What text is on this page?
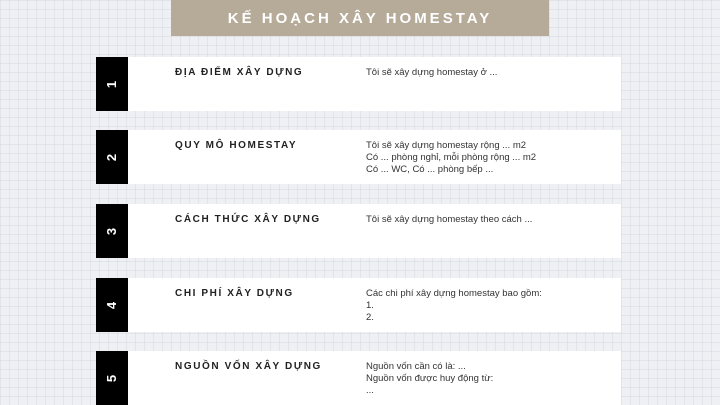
KẾ HOẠCH XÂY HOMESTAY
1
ĐỊA ĐIỂM XÂY DỰNG	Tôi sẽ xây dựng homestay ở ...
2
QUY MÔ HOMESTAY	Tôi sẽ xây dựng homestay rộng ... m2
Có ... phòng nghỉ, mỗi phòng rộng ... m2
Có ... WC, Có ... phòng bếp ...
3
CÁCH THỨC XÂY DỰNG	Tôi sẽ xây dựng homestay theo cách ...
4
CHI PHÍ XÂY DỰNG	Các chi phí xây dựng homestay bao gồm:
1.
2.
5
NGUỒN VỐN XÂY DỰNG	Nguồn vốn cần có là: ...
Nguồn vốn được huy động từ:
...
